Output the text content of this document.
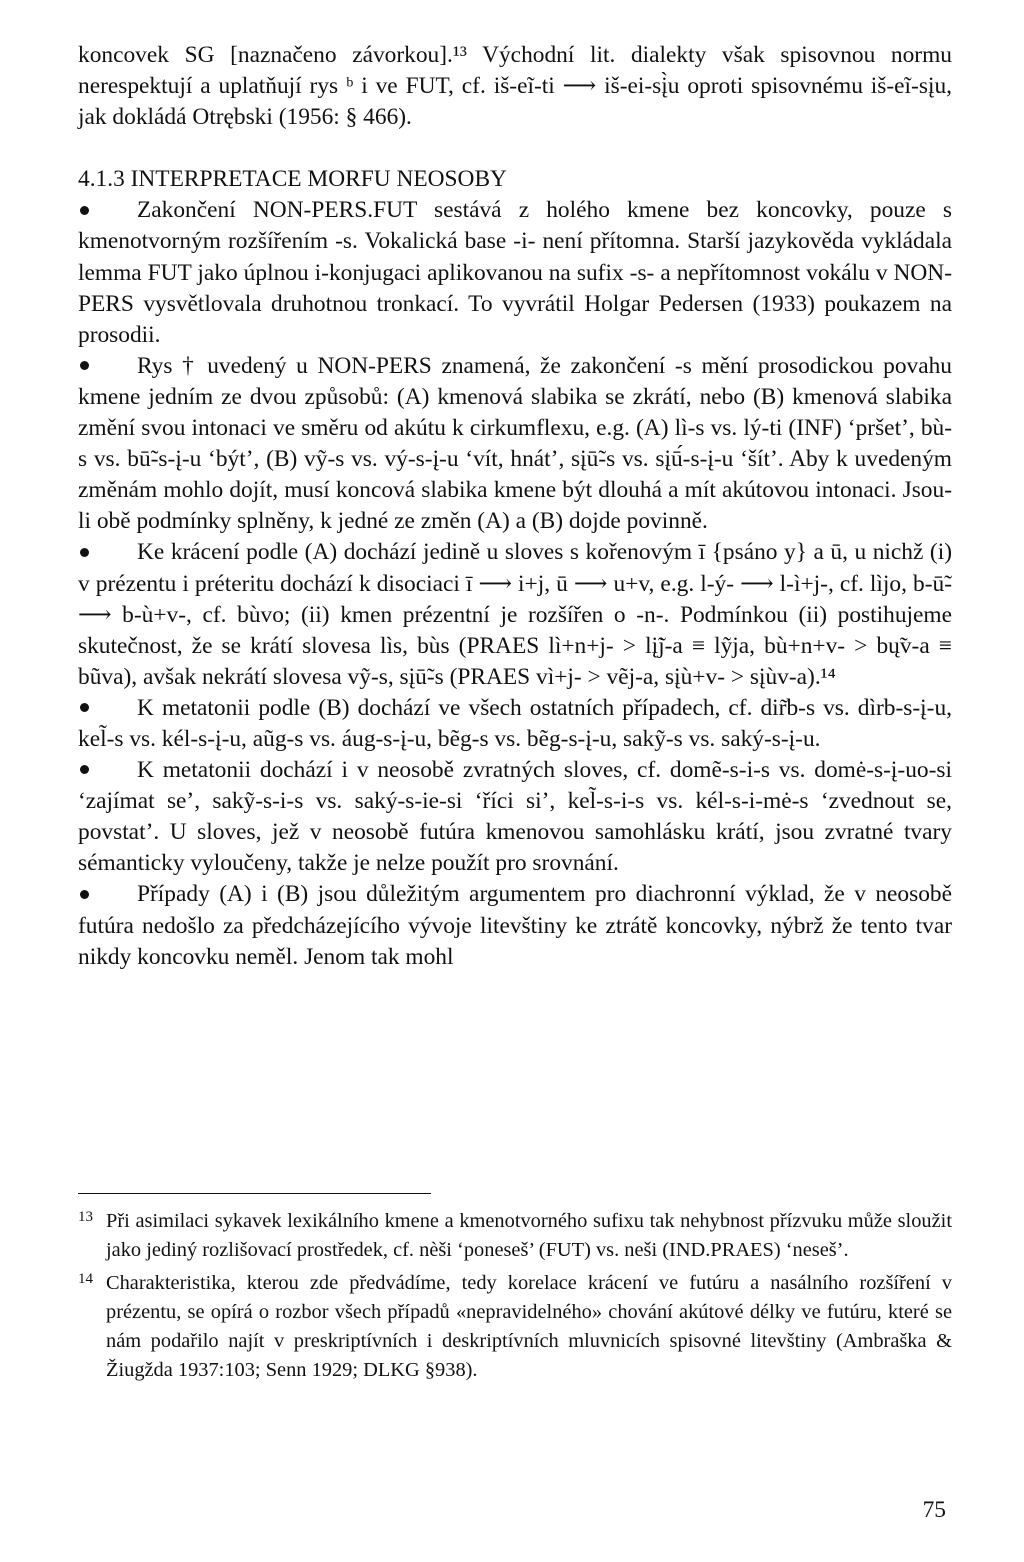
koncovek SG [naznačeno závorkou].¹³ Východní lit. dialekty však spisovnou normu nerespektují a uplatňují rys ᵇ i ve FUT, cf. iš-eĩ-ti ⟶ iš-ei-sį̀u oproti spisovnému iš-eĩ-sįu, jak dokládá Otrębski (1956: § 466).

4.1.3 INTERPRETACE MORFU NEOSOBY

Zakončení NON-PERS.FUT sestává z holého kmene bez koncovky, pouze s kmenotvorným rozšířením -s. Vokalická base -i- není přítomna. Starší jazykověda vykládala lemma FUT jako úplnou i-konjugaci aplikovanou na sufix -s- a nepřítomnost vokálu v NON-PERS vysvětlovala druhotnou tronkací. To vyvrátil Holgar Pedersen (1933) poukazem na prosodii.

Rys † uvedený u NON-PERS znamená, že zakončení -s mění prosodickou povahu kmene jedním ze dvou způsobů: (A) kmenová slabika se zkrátí, nebo (B) kmenová slabika změní svou intonaci ve směru od akútu k cirkumflexu, e.g. (A) lì-s vs. lý-ti (INF) ‘pršet’, bù-s vs. bū̃-s-į-u ‘být’, (B) vỹ-s vs. vý-s-į-u ‘vít, hnát’, sįū̃-s vs. sįū́-s-į-u ‘šít’. Aby k uvedeným změnám mohlo dojít, musí koncová slabika kmene být dlouhá a mít akútovou intonaci. Jsou-li obě podmínky splněny, k jedné ze změn (A) a (B) dojde povinně.

Ke krácení podle (A) dochází jedině u sloves s kořenovým ī {psáno y} a ū, u nichž (i) v prézentu i préteritu dochází k disociaci ī ⟶ i+j, ū ⟶ u+v, e.g. l-ý- ⟶ l-ì+j-, cf. lìjo, b-ū̃- ⟶ b-ù+v-, cf. bùvo; (ii) kmen prézentní je rozšířen o -n-. Podmínkou (ii) postihujeme skutečnost, že se krátí slovesa lìs, bùs (PRAES lì+n+j- > lį̃j-a ≡ lỹja, bù+n+v- > bų̃v-a ≡ bũva), avšak nekrátí slovesa vỹ-s, sįū̃-s (PRAES vì+j- > vẽj-a, sįù+v- > sįùv-a).¹⁴

K metatonii podle (B) dochází ve všech ostatních případech, cf. dir̃b-s vs. dìrb-s-į-u, kel̃-s vs. kél-s-į-u, aũg-s vs. áug-s-į-u, bẽg-s vs. bẽg-s-į-u, sakỹ-s vs. saký-s-į-u.

K metatonii dochází i v neosobě zvratných sloves, cf. domẽ-s-i-s vs. domė-s-į-uo-si ‘zajímat se’, sakỹ-s-i-s vs. saký-s-ie-si ‘říci si’, kel̃-s-i-s vs. kél-s-i-mė-s ‘zvednout se, povstat’. U sloves, jež v neosobě futúra kmenovou samohlásku krátí, jsou zvratné tvary sémanticky vyloučeny, takže je nelze použít pro srovnání.

Případy (A) i (B) jsou důležitým argumentem pro diachronní výklad, že v neosobě futúra nedošlo za předcházejícího vývoje litevštiny ke ztrátě koncovky, nýbrž že tento tvar nikdy koncovku neměl. Jenom tak mohl

13 Při asimilaci sykavek lexikálního kmene a kmenotvorného sufixu tak nehybnost přízvuku může sloužit jako jediný rozlišovací prostředek, cf. nèši ‘poneseš’ (FUT) vs. neši (IND.PRAES) ‘neseš’.

14 Charakteristika, kterou zde předvádíme, tedy korelace krácení ve futúru a nasálního rozšíření v prézentu, se opírá o rozbor všech případů «nepravidelného» chování akútové délky ve futúru, které se nám podařilo najít v preskriptívních i deskriptívních mluvnicích spisovné litevštiny (Ambraška & Žiugžda 1937:103; Senn 1929; DLKG §938).

75
